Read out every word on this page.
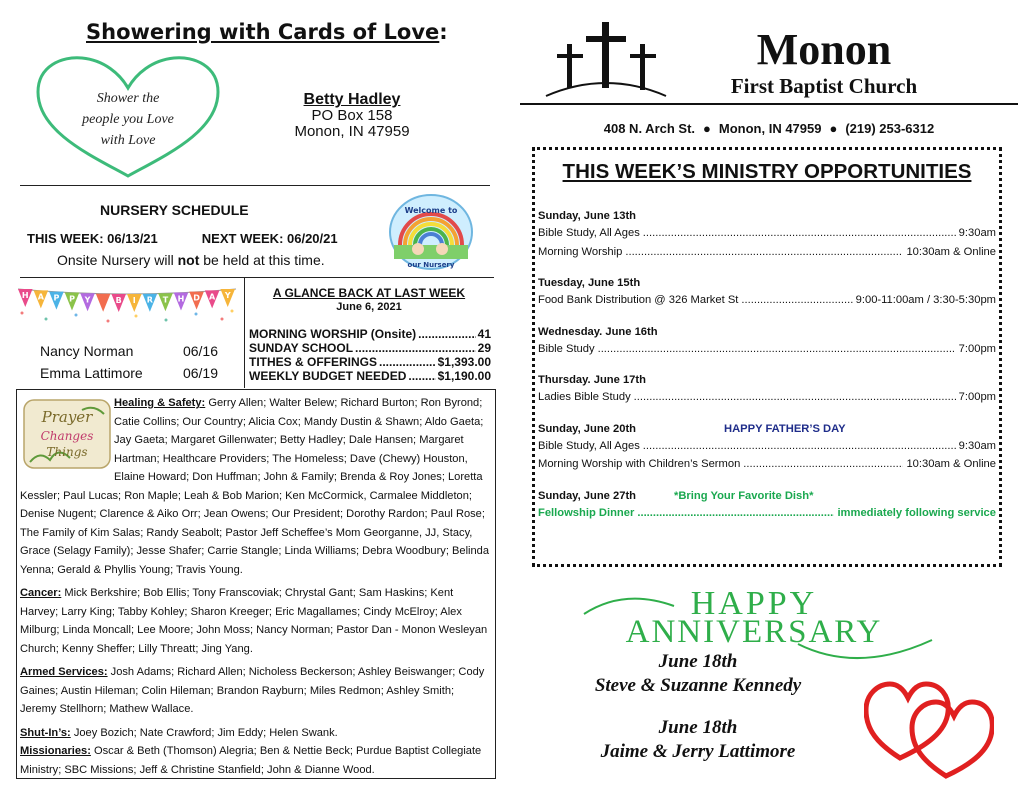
Showering with Cards of Love:
Shower the
people you Love
with Love
Betty Hadley
PO Box 158
Monon, IN 47959
NURSERY SCHEDULE
THIS WEEK: 06/13/21	NEXT WEEK: 06/20/21
Onsite Nursery will not be held at this time.
Welcome to
our Nursery
H A P P Y	B I R T H D A Y
Nancy Norman	06/16
Emma Lattimore	06/19
A GLANCE BACK AT LAST WEEK
June 6, 2021
MORNING WORSHIP (Onsite) .....	41
SUNDAY SCHOOL .....	29
TITHES & OFFERINGS .....	$1,393.00
WEEKLY BUDGET NEEDED .....	$1,190.00

Healing & Safety: Gerry Allen; Walter Belew; Richard Burton; Ron Byrond; Catie Collins; Our Country; Alicia Cox; Mandy Dustin & Shawn; Aldo Gaeta; Jay Gaeta; Margaret Gillenwater; Betty Hadley; Dale Hansen; Margaret Hartman; Healthcare Providers; The Homeless; Dave (Chewy) Houston, Elaine Howard; Don Huffman; John & Family; Brenda & Roy Jones; Loretta Kessler; Paul Lucas; Ron Maple; Leah & Bob Marion; Ken McCormick, Carmalee Middleton; Denise Nugent; Clarence & Aiko Orr; Jean Owens; Our President; Dorothy Rardon; Paul Rose; The Family of Kim Salas; Randy Seabolt; Pastor Jeff Scheffee’s Mom Georganne, JJ, Stacy, Grace (Selagy Family); Jesse Shafer; Carrie Stangle; Linda Williams; Debra Woodbury; Belinda Yenna; Gerald & Phyllis Young; Travis Young.

Cancer: Mick Berkshire; Bob Ellis; Tony Franscoviak; Chrystal Gant; Sam Haskins; Kent Harvey; Larry King; Tabby Kohley; Sharon Kreeger; Eric Magallames; Cindy McElroy; Alex Milburg; Linda Moncall; Lee Moore; John Moss; Nancy Norman; Pastor Dan - Monon Wesleyan Church; Kenny Sheffer; Lilly Threatt; Jing Yang.

Armed Services: Josh Adams; Richard Allen; Nicholess Beckerson; Ashley Beiswanger; Cody Gaines; Austin Hileman; Colin Hileman; Brandon Rayburn; Miles Redmon; Ashley Smith; Jeremy Stellhorn; Mathew Wallace.

Shut-In’s: Joey Bozich; Nate Crawford; Jim Eddy; Helen Swank.

Missionaries: Oscar & Beth (Thomson) Alegria; Ben & Nettie Beck; Purdue Baptist Collegiate Ministry; SBC Missions; Jeff & Christine Stanfield; John & Dianne Wood.

Prayer
Changes
Things
Monon
First Baptist Church
408 N. Arch St. ● Monon, IN 47959 ● (219) 253-6312
THIS WEEK’S MINISTRY OPPORTUNITIES
Sunday, June 13th
Bible Study, All Ages .....	9:30am
Morning Worship .....	10:30am & Online
Tuesday, June 15th
Food Bank Distribution @ 326 Market St .....	9:00-11:00am / 3:30-5:30pm
Wednesday. June 16th
Bible Study .....	7:00pm
Thursday. June 17th
Ladies Bible Study .....	7:00pm
Sunday, June 20th	HAPPY FATHER’S DAY
Bible Study, All Ages .....	9:30am
Morning Worship with Children’s Sermon .....	10:30am & Online
Sunday, June 27th	*Bring Your Favorite Dish*
Fellowship Dinner .....	immediately following service
HAPPY
ANNIVERSARY
June 18th
Steve & Suzanne Kennedy
June 18th
Jaime & Jerry Lattimore
